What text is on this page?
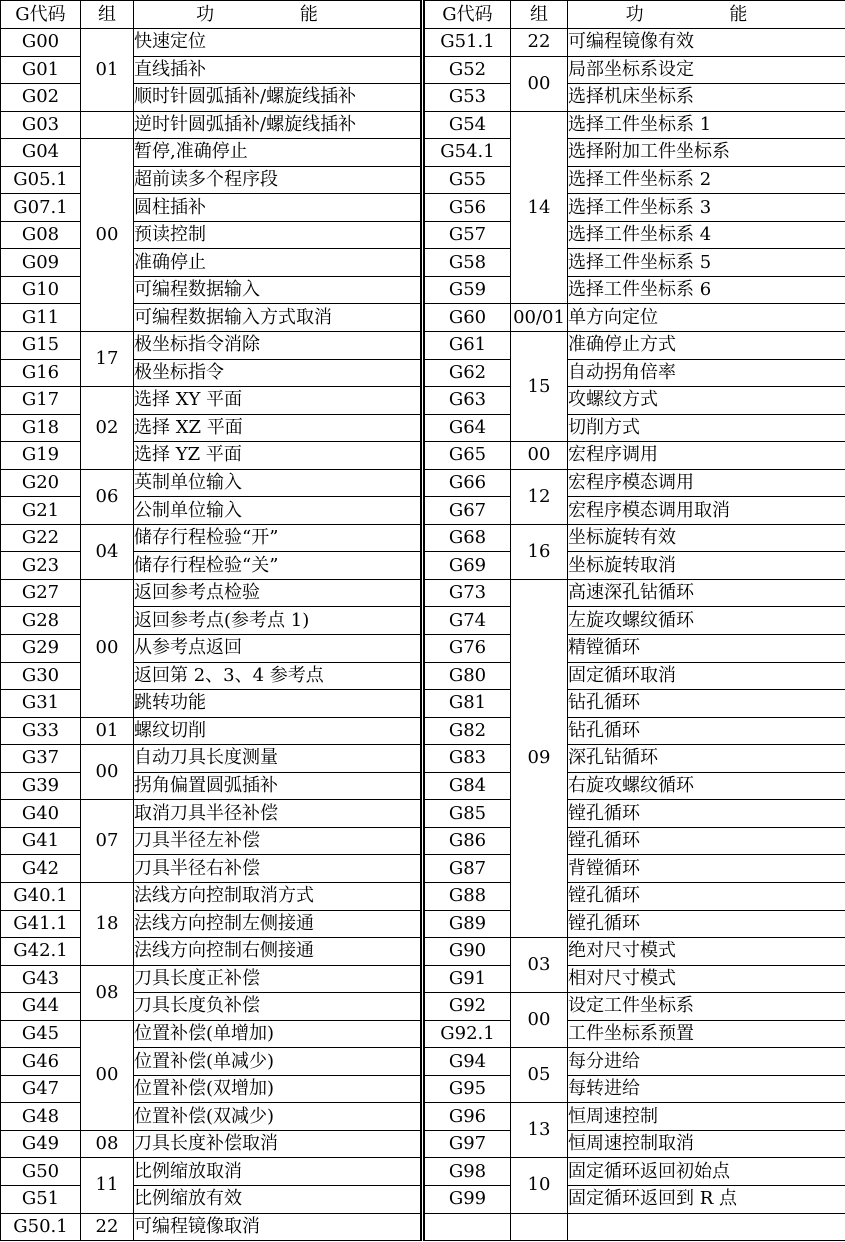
G代码	组	功 能	G代码	组	功 能
G00	01	快速定位	G51.1	22	可编程镜像有效
G01		直线插补	G52	00	局部坐标系设定
G02		顺时针圆弧插补/螺旋线插补	G53		选择机床坐标系
G03		逆时针圆弧插补/螺旋线插补	G54	14	选择工件坐标系 1
G04	00	暂停,准确停止	G54.1		选择附加工件坐标系
G05.1		超前读多个程序段	G55		选择工件坐标系 2
G07.1		圆柱插补	G56		选择工件坐标系 3
G08		预读控制	G57		选择工件坐标系 4
G09		准确停止	G58		选择工件坐标系 5
G10		可编程数据输入	G59		选择工件坐标系 6
G11		可编程数据输入方式取消	G60	00/01	单方向定位
G15	17	极坐标指令消除	G61	15	准确停止方式
G16		极坐标指令	G62		自动拐角倍率
G17	02	选择 XY 平面	G63		攻螺纹方式
G18		选择 XZ 平面	G64		切削方式
G19		选择 YZ 平面	G65	00	宏程序调用
G20	06	英制单位输入	G66	12	宏程序模态调用
G21		公制单位输入	G67		宏程序模态调用取消
G22	04	储存行程检验“开”	G68	16	坐标旋转有效
G23		储存行程检验“关”	G69		坐标旋转取消
G27	00	返回参考点检验	G73	09	高速深孔钻循环
G28		返回参考点(参考点 1)	G74		左旋攻螺纹循环
G29		从参考点返回	G76		精镗循环
G30		返回第 2、3、4 参考点	G80		固定循环取消
G31		跳转功能	G81		钻孔循环
G33	01	螺纹切削	G82		钻孔循环
G37	00	自动刀具长度测量	G83		深孔钻循环
G39		拐角偏置圆弧插补	G84		右旋攻螺纹循环
G40	07	取消刀具半径补偿	G85		镗孔循环
G41		刀具半径左补偿	G86		镗孔循环
G42		刀具半径右补偿	G87		背镗循环
G40.1	18	法线方向控制取消方式	G88		镗孔循环
G41.1		法线方向控制左侧接通	G89		镗孔循环
G42.1		法线方向控制右侧接通	G90	03	绝对尺寸模式
G43	08	刀具长度正补偿	G91		相对尺寸模式
G44		刀具长度负补偿	G92	00	设定工件坐标系
G45	00	位置补偿(单增加)	G92.1		工件坐标系预置
G46		位置补偿(单减少)	G94	05	每分进给
G47		位置补偿(双增加)	G95		每转进给
G48		位置补偿(双减少)	G96	13	恒周速控制
G49	08	刀具长度补偿取消	G97		恒周速控制取消
G50	11	比例缩放取消	G98	10	固定循环返回初始点
G51		比例缩放有效	G99		固定循环返回到 R 点
G50.1	22	可编程镜像取消			
